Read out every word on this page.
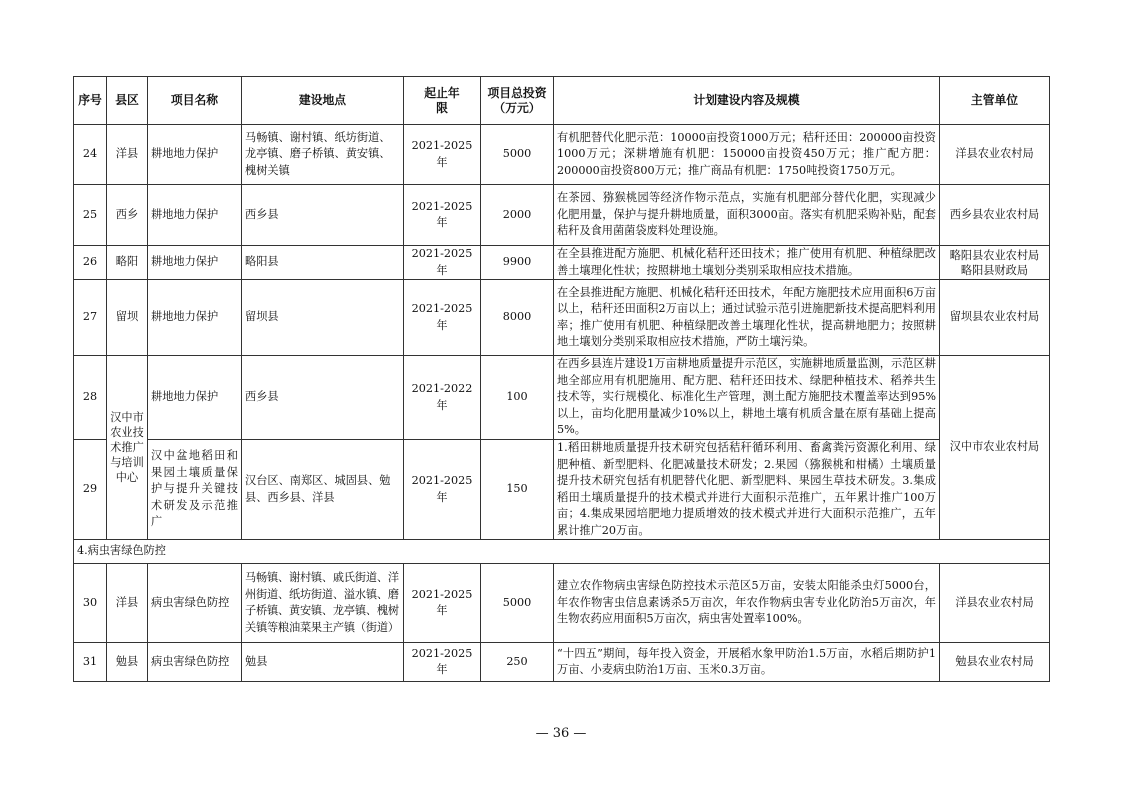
序号	县区	项目名称	建设地点	起止年限	项目总投资（万元）	计划建设内容及规模	主管单位
24	洋县	耕地地力保护	马畅镇、谢村镇、纸坊街道、龙亭镇、磨子桥镇、黄安镇、槐树关镇	2021-2025年	5000	有机肥替代化肥示范：10000亩投资1000万元；秸秆还田：200000亩投资1000万元；深耕增施有机肥：150000亩投资450万元；推广配方肥：200000亩投资800万元；推广商品有机肥：1750吨投资1750万元。	洋县农业农村局
25	西乡	耕地地力保护	西乡县	2021-2025年	2000	在茶园、猕猴桃园等经济作物示范点，实施有机肥部分替代化肥，实现减少化肥用量，保护与提升耕地质量，面积3000亩。落实有机肥采购补贴，配套秸秆及食用菌菌袋废料处理设施。	西乡县农业农村局
26	略阳	耕地地力保护	略阳县	2021-2025年	9900	在全县推进配方施肥、机械化秸秆还田技术；推广使用有机肥、种植绿肥改善土壤理化性状；按照耕地土壤划分类别采取相应技术措施。	略阳县农业农村局
略阳县财政局
27	留坝	耕地地力保护	留坝县	2021-2025年	8000	在全县推进配方施肥、机械化秸秆还田技术，年配方施肥技术应用面积6万亩以上，秸秆还田面积2万亩以上；通过试验示范引进施肥新技术提高肥料利用率；推广使用有机肥、种植绿肥改善土壤理化性状，提高耕地肥力；按照耕地土壤划分类别采取相应技术措施，严防土壤污染。	留坝县农业农村局
28	汉中市农业技术推广与培训中心	耕地地力保护	西乡县	2021-2022年	100	在西乡县连片建设1万亩耕地质量提升示范区，实施耕地质量监测，示范区耕地全部应用有机肥施用、配方肥、秸秆还田技术、绿肥种植技术、稻养共生技术等，实行规模化、标准化生产管理，测土配方施肥技术覆盖率达到95%以上，亩均化肥用量减少10%以上，耕地土壤有机质含量在原有基础上提高5%。	汉中市农业农村局
29		汉中盆地稻田和果园土壤质量保护与提升关键技术研发及示范推广	汉台区、南郑区、城固县、勉县、西乡县、洋县	2021-2025年	150	1.稻田耕地质量提升技术研究包括秸秆循环利用、畜禽粪污资源化利用、绿肥种植、新型肥料、化肥减量技术研发；2.果园（猕猴桃和柑橘）土壤质量提升技术研究包括有机肥替代化肥、新型肥料、果园生草技术研发。3.集成稻田土壤质量提升的技术模式并进行大面积示范推广，五年累计推广100万亩；4.集成果园培肥地力提质增效的技术模式并进行大面积示范推广，五年累计推广20万亩。	
4.病虫害绿色防控							
30	洋县	病虫害绿色防控	马畅镇、谢村镇、戚氏街道、洋州街道、纸坊街道、溢水镇、磨子桥镇、黄安镇、龙亭镇、槐树关镇等粮油菜果主产镇（街道）	2021-2025年	5000	建立农作物病虫害绿色防控技术示范区5万亩，安装太阳能杀虫灯5000台，年农作物害虫信息素诱杀5万亩次，年农作物病虫害专业化防治5万亩次，年生物农药应用面积5万亩次，病虫害处置率100%。	洋县农业农村局
31	勉县	病虫害绿色防控	勉县	2021-2025年	250	“十四五”期间，每年投入资金，开展稻水象甲防治1.5万亩，水稻后期防护1万亩、小麦病虫防治1万亩、玉米0.3万亩。	勉县农业农村局
— 36 —
